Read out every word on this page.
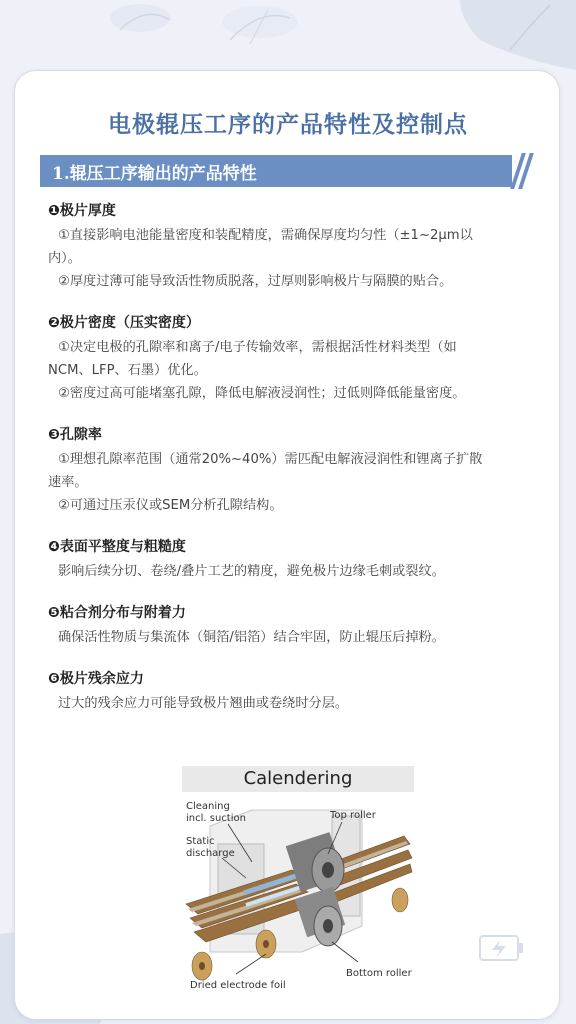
电极辊压工序的产品特性及控制点
1.辊压工序输出的产品特性
❶极片厚度
①直接影响电池能量密度和装配精度，需确保厚度均匀性（±1~2μm以
内）。
②厚度过薄可能导致活性物质脱落，过厚则影响极片与隔膜的贴合。
❷极片密度（压实密度）
①决定电极的孔隙率和离子/电子传输效率，需根据活性材料类型（如
NCM、LFP、石墨）优化。
②密度过高可能堵塞孔隙，降低电解液浸润性；过低则降低能量密度。
❸孔隙率
①理想孔隙率范围（通常20%~40%）需匹配电解液浸润性和锂离子扩散
速率。
②可通过压汞仪或SEM分析孔隙结构。
❹表面平整度与粗糙度
影响后续分切、卷绕/叠片工艺的精度，避免极片边缘毛刺或裂纹。
❺粘合剂分布与附着力
确保活性物质与集流体（铜箔/铝箔）结合牢固，防止辊压后掉粉。
❻极片残余应力
过大的残余应力可能导致极片翘曲或卷绕时分层。
Calendering
Cleaning
incl. suction
Static
discharge
Top roller
Bottom roller
Dried electrode foil
